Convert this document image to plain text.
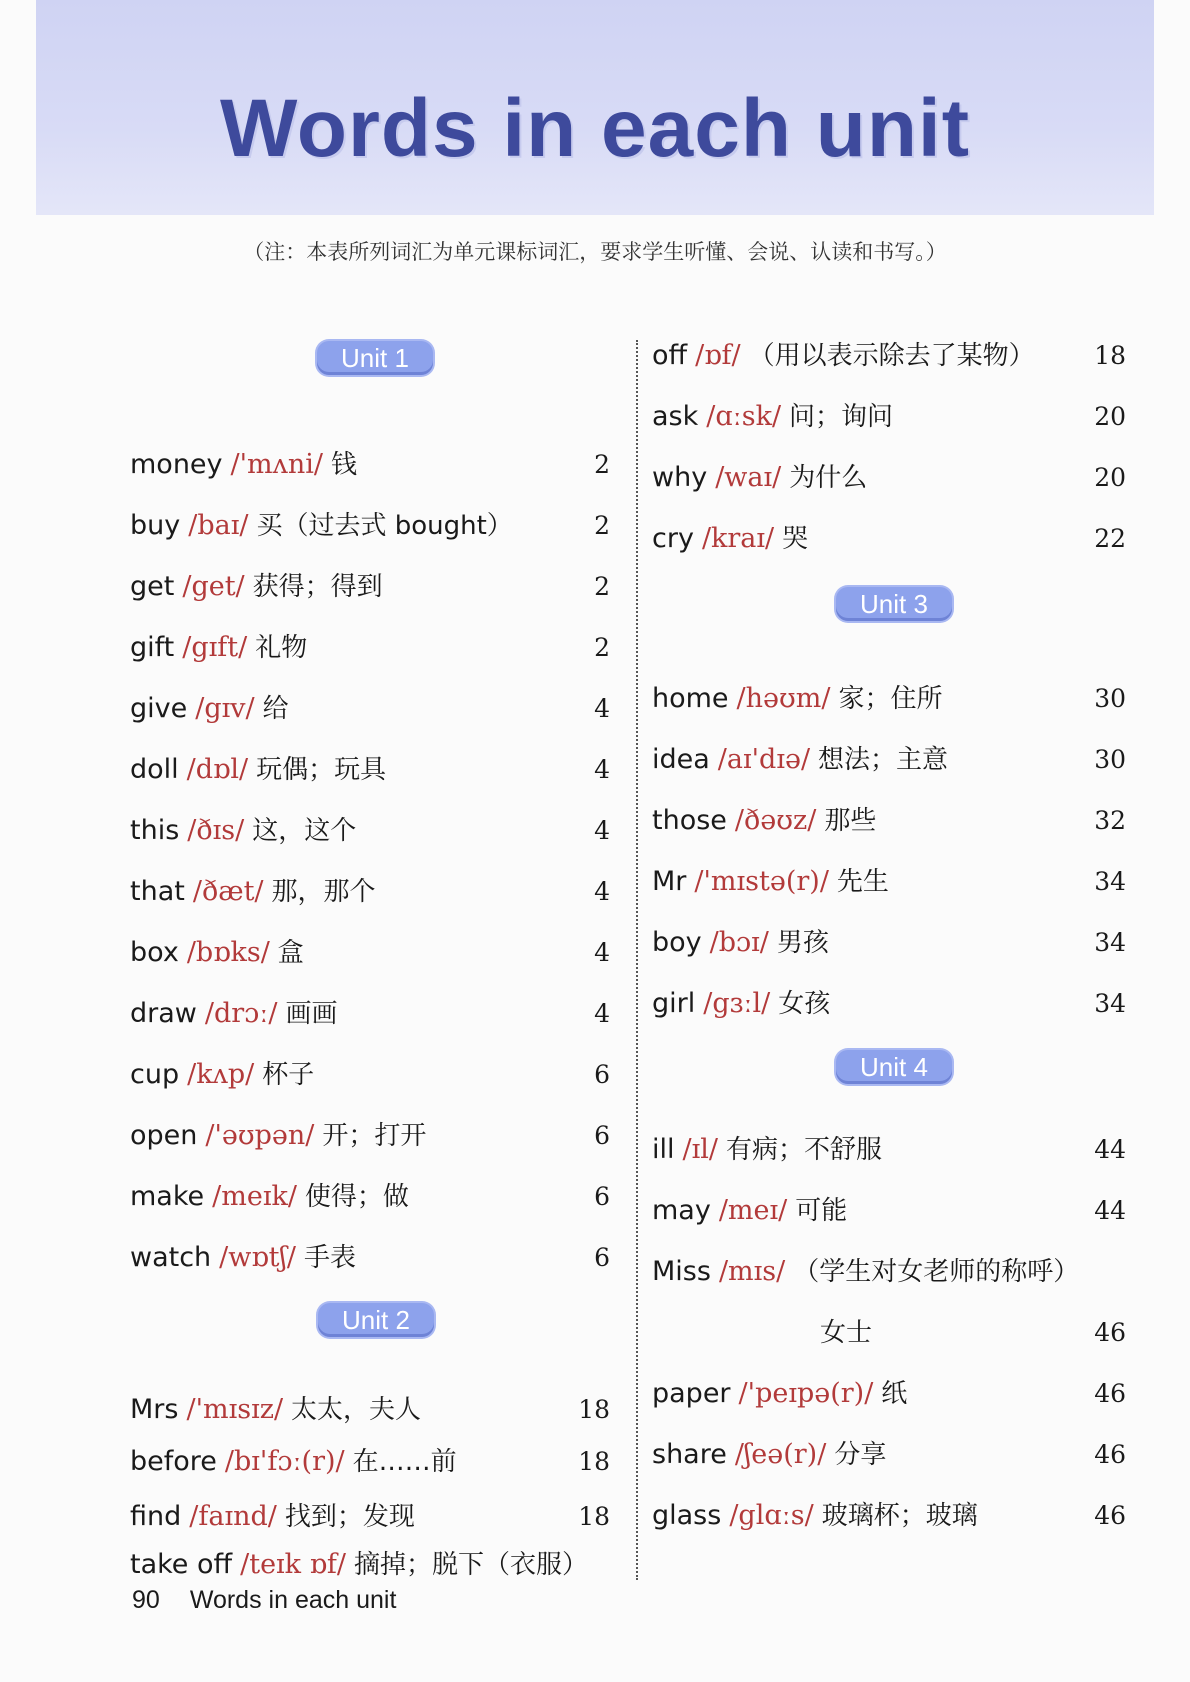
Words in each unit
（注：本表所列词汇为单元课标词汇，要求学生听懂、会说、认读和书写。）
Unit 1
money /'mʌni/ 钱	2
buy /baɪ/ 买（过去式 bought）	2
get /get/ 获得；得到	2
gift /gɪft/ 礼物	2
give /gɪv/ 给	4
doll /dɒl/ 玩偶；玩具	4
this /ðɪs/ 这，这个	4
that /ðæt/ 那，那个	4
box /bɒks/ 盒	4
draw /drɔː/ 画画	4
cup /kʌp/ 杯子	6
open /'əʊpən/ 开；打开	6
make /meɪk/ 使得；做	6
watch /wɒtʃ/ 手表	6
Unit 2
Mrs /'mɪsɪz/ 太太，夫人	18
before /bɪ'fɔː(r)/ 在……前	18
find /faɪnd/ 找到；发现	18
take off /teɪk ɒf/ 摘掉；脱下（衣服）
off /ɒf/ （用以表示除去了某物） 18
ask /ɑːsk/ 问；询问	20
why /waɪ/ 为什么	20
cry /kraɪ/ 哭	22
Unit 3
home /həʊm/ 家；住所	30
idea /aɪ'dɪə/ 想法；主意	30
those /ðəʊz/ 那些	32
Mr /'mɪstə(r)/ 先生	34
boy /bɔɪ/ 男孩	34
girl /gɜːl/ 女孩	34
Unit 4
ill /ɪl/ 有病；不舒服	44
may /meɪ/ 可能	44
Miss /mɪs/ （学生对女老师的称呼）
女士	46
paper /'peɪpə(r)/ 纸	46
share /ʃeə(r)/ 分享	46
glass /glɑːs/ 玻璃杯；玻璃	46
90 Words in each unit
